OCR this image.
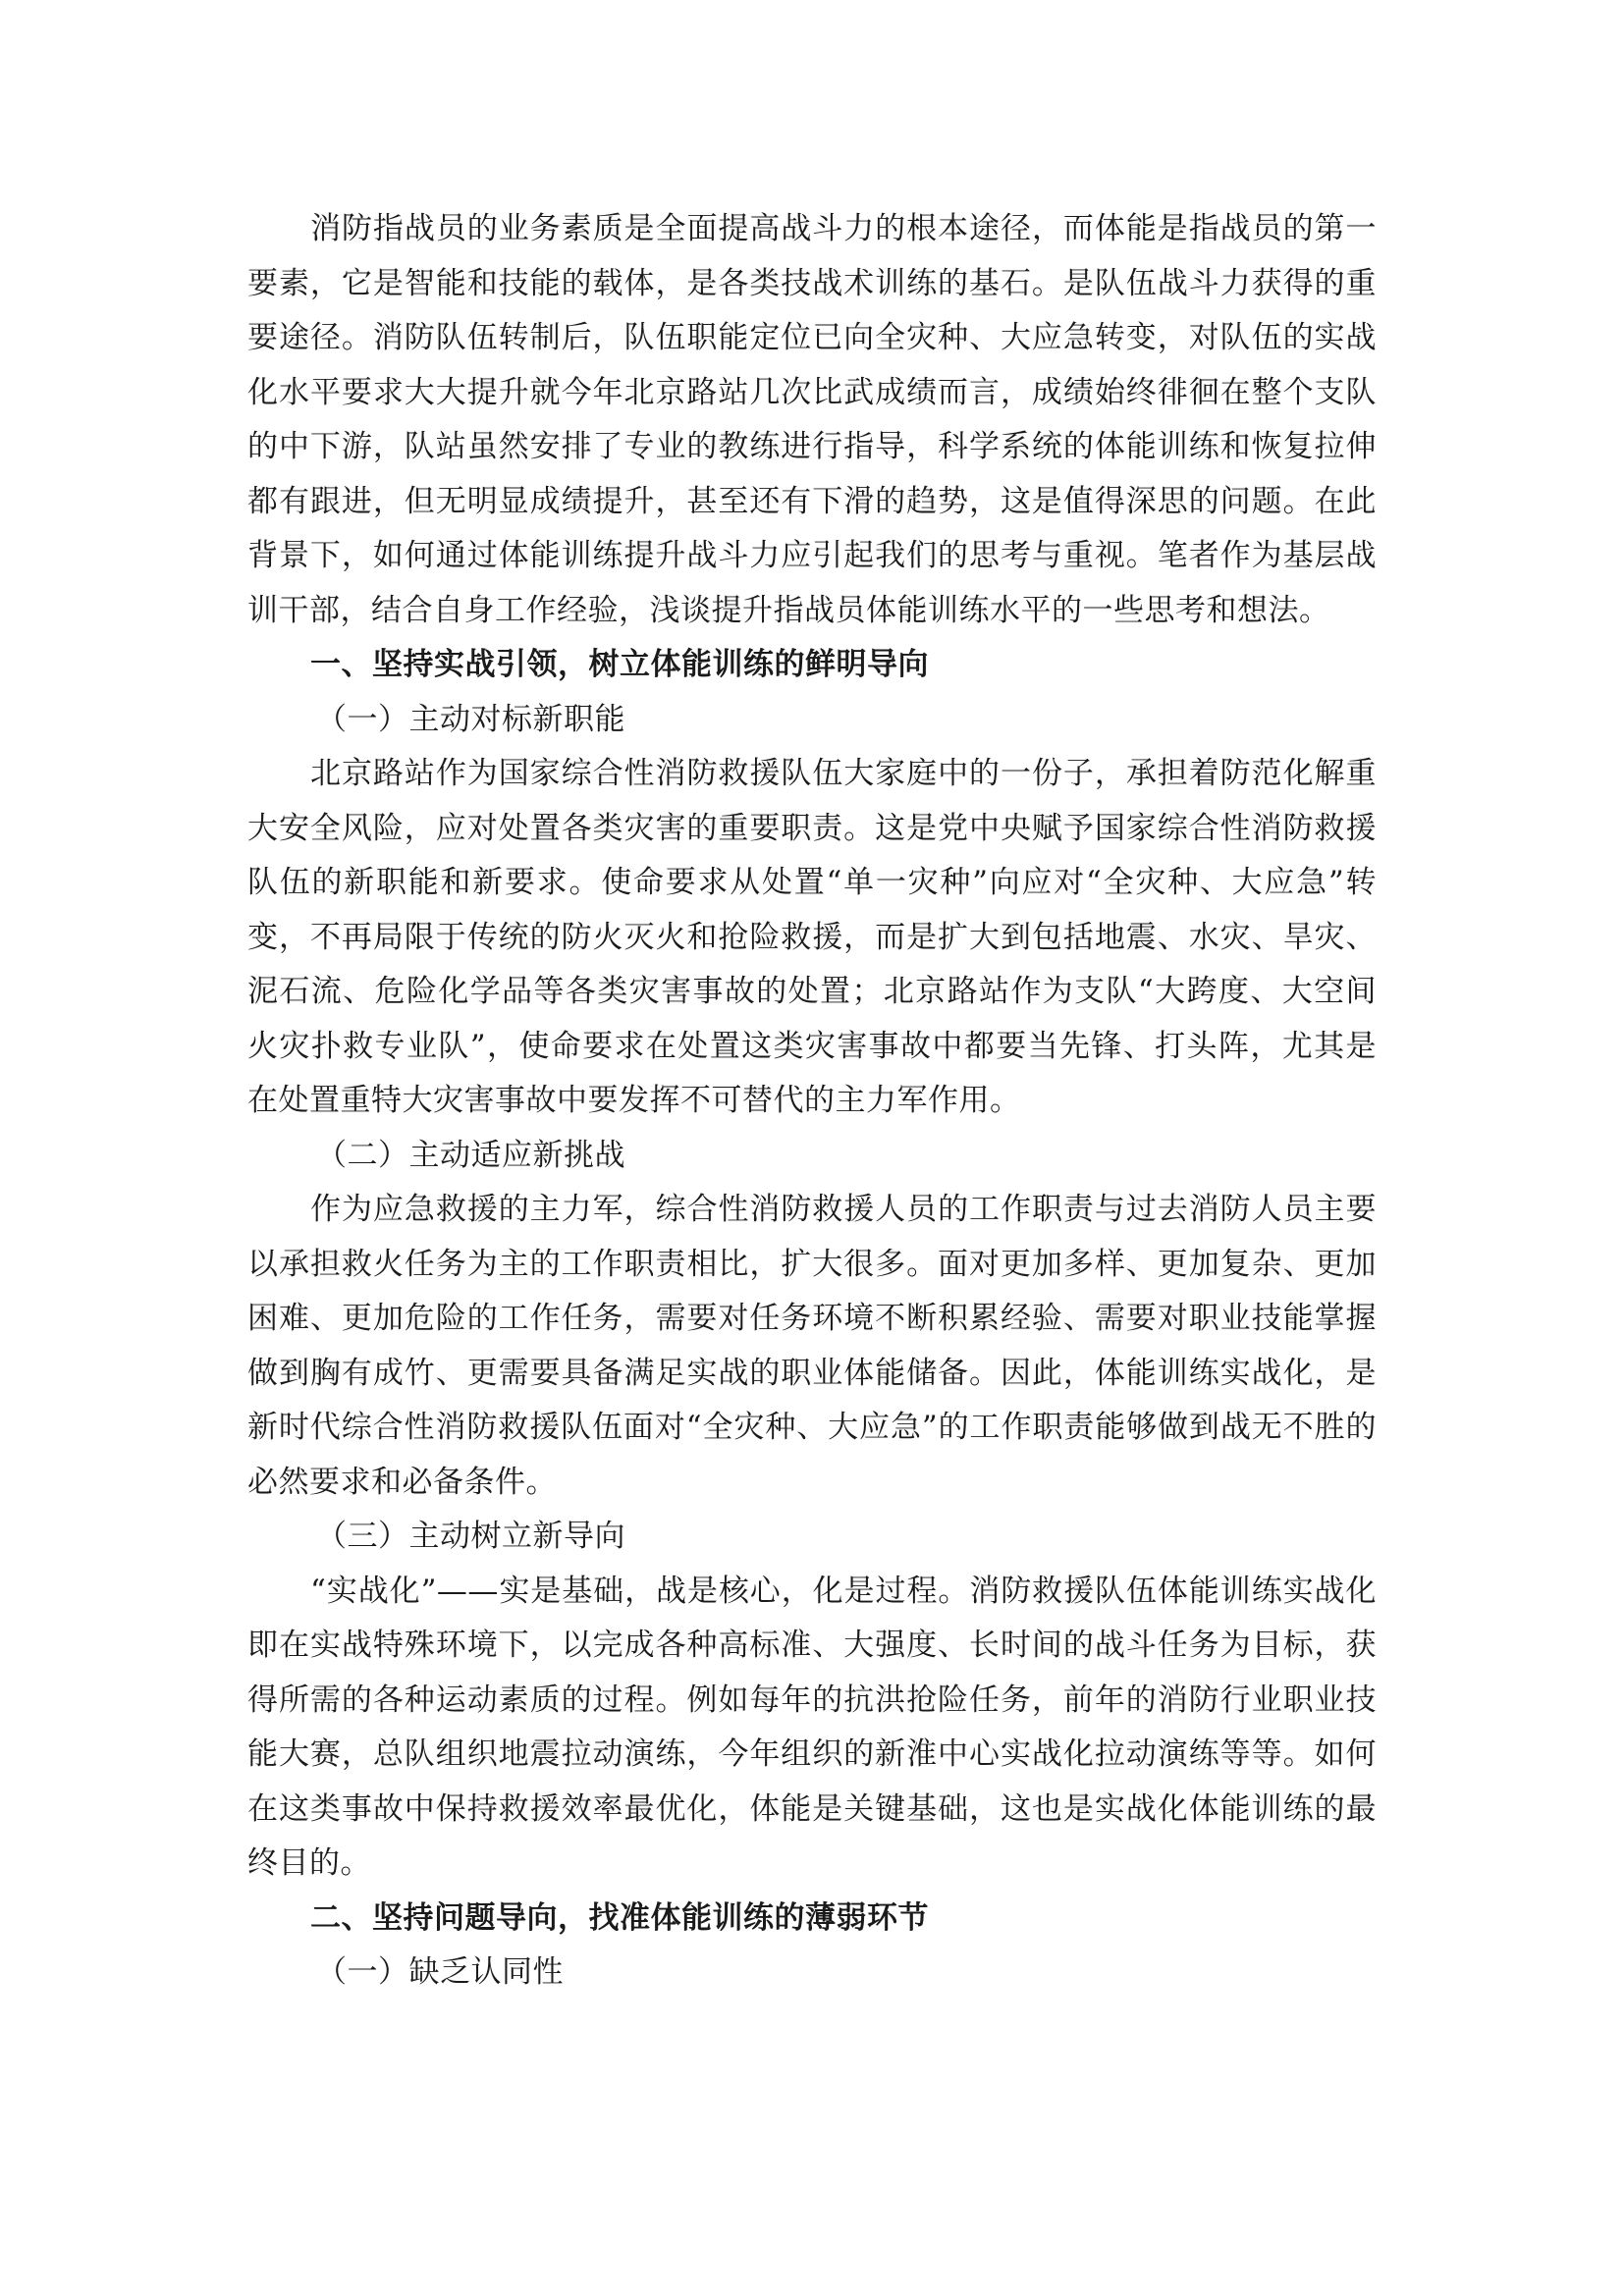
消防指战员的业务素质是全面提高战斗力的根本途径，而体能是指战员的第一要素，它是智能和技能的载体，是各类技战术训练的基石。是队伍战斗力获得的重要途径。消防队伍转制后，队伍职能定位已向全灾种、大应急转变，对队伍的实战化水平要求大大提升就今年北京路站几次比武成绩而言，成绩始终徘徊在整个支队的中下游，队站虽然安排了专业的教练进行指导，科学系统的体能训练和恢复拉伸都有跟进，但无明显成绩提升，甚至还有下滑的趋势，这是值得深思的问题。在此背景下，如何通过体能训练提升战斗力应引起我们的思考与重视。笔者作为基层战训干部，结合自身工作经验，浅谈提升指战员体能训练水平的一些思考和想法。

一、坚持实战引领，树立体能训练的鲜明导向

（一）主动对标新职能

北京路站作为国家综合性消防救援队伍大家庭中的一份子，承担着防范化解重大安全风险，应对处置各类灾害的重要职责。这是党中央赋予国家综合性消防救援队伍的新职能和新要求。使命要求从处置“单一灾种”向应对“全灾种、大应急”转变，不再局限于传统的防火灭火和抢险救援，而是扩大到包括地震、水灾、旱灾、泥石流、危险化学品等各类灾害事故的处置；北京路站作为支队“大跨度、大空间火灾扑救专业队”，使命要求在处置这类灾害事故中都要当先锋、打头阵，尤其是在处置重特大灾害事故中要发挥不可替代的主力军作用。

（二）主动适应新挑战

作为应急救援的主力军，综合性消防救援人员的工作职责与过去消防人员主要以承担救火任务为主的工作职责相比，扩大很多。面对更加多样、更加复杂、更加困难、更加危险的工作任务，需要对任务环境不断积累经验、需要对职业技能掌握做到胸有成竹、更需要具备满足实战的职业体能储备。因此，体能训练实战化，是新时代综合性消防救援队伍面对“全灾种、大应急”的工作职责能够做到战无不胜的必然要求和必备条件。

（三）主动树立新导向

“实战化”——实是基础，战是核心，化是过程。消防救援队伍体能训练实战化即在实战特殊环境下，以完成各种高标准、大强度、长时间的战斗任务为目标，获得所需的各种运动素质的过程。例如每年的抗洪抢险任务，前年的消防行业职业技能大赛，总队组织地震拉动演练，今年组织的新淮中心实战化拉动演练等等。如何在这类事故中保持救援效率最优化，体能是关键基础，这也是实战化体能训练的最终目的。

二、坚持问题导向，找准体能训练的薄弱环节

（一）缺乏认同性
